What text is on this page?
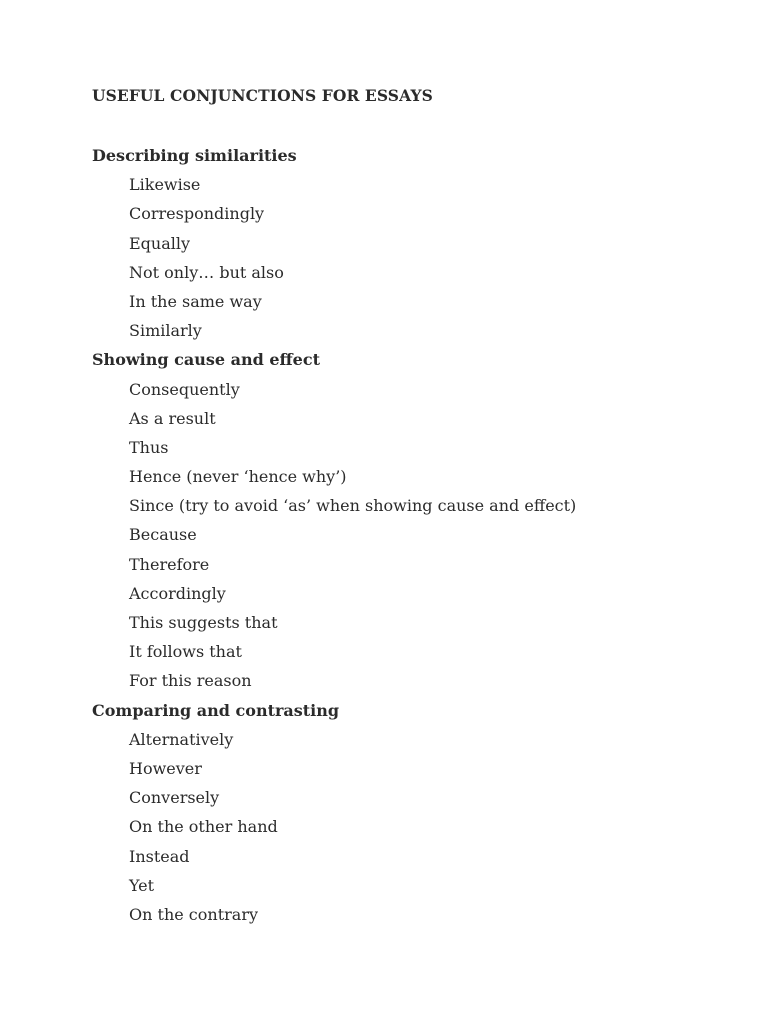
USEFUL CONJUNCTIONS FOR ESSAYS
Describing similarities
Likewise
Correspondingly
Equally
Not only… but also
In the same way
Similarly
Showing cause and effect
Consequently
As a result
Thus
Hence (never ‘hence why’)
Since (try to avoid ‘as’ when showing cause and effect)
Because
Therefore
Accordingly
This suggests that
It follows that
For this reason
Comparing and contrasting
Alternatively
However
Conversely
On the other hand
Instead
Yet
On the contrary
